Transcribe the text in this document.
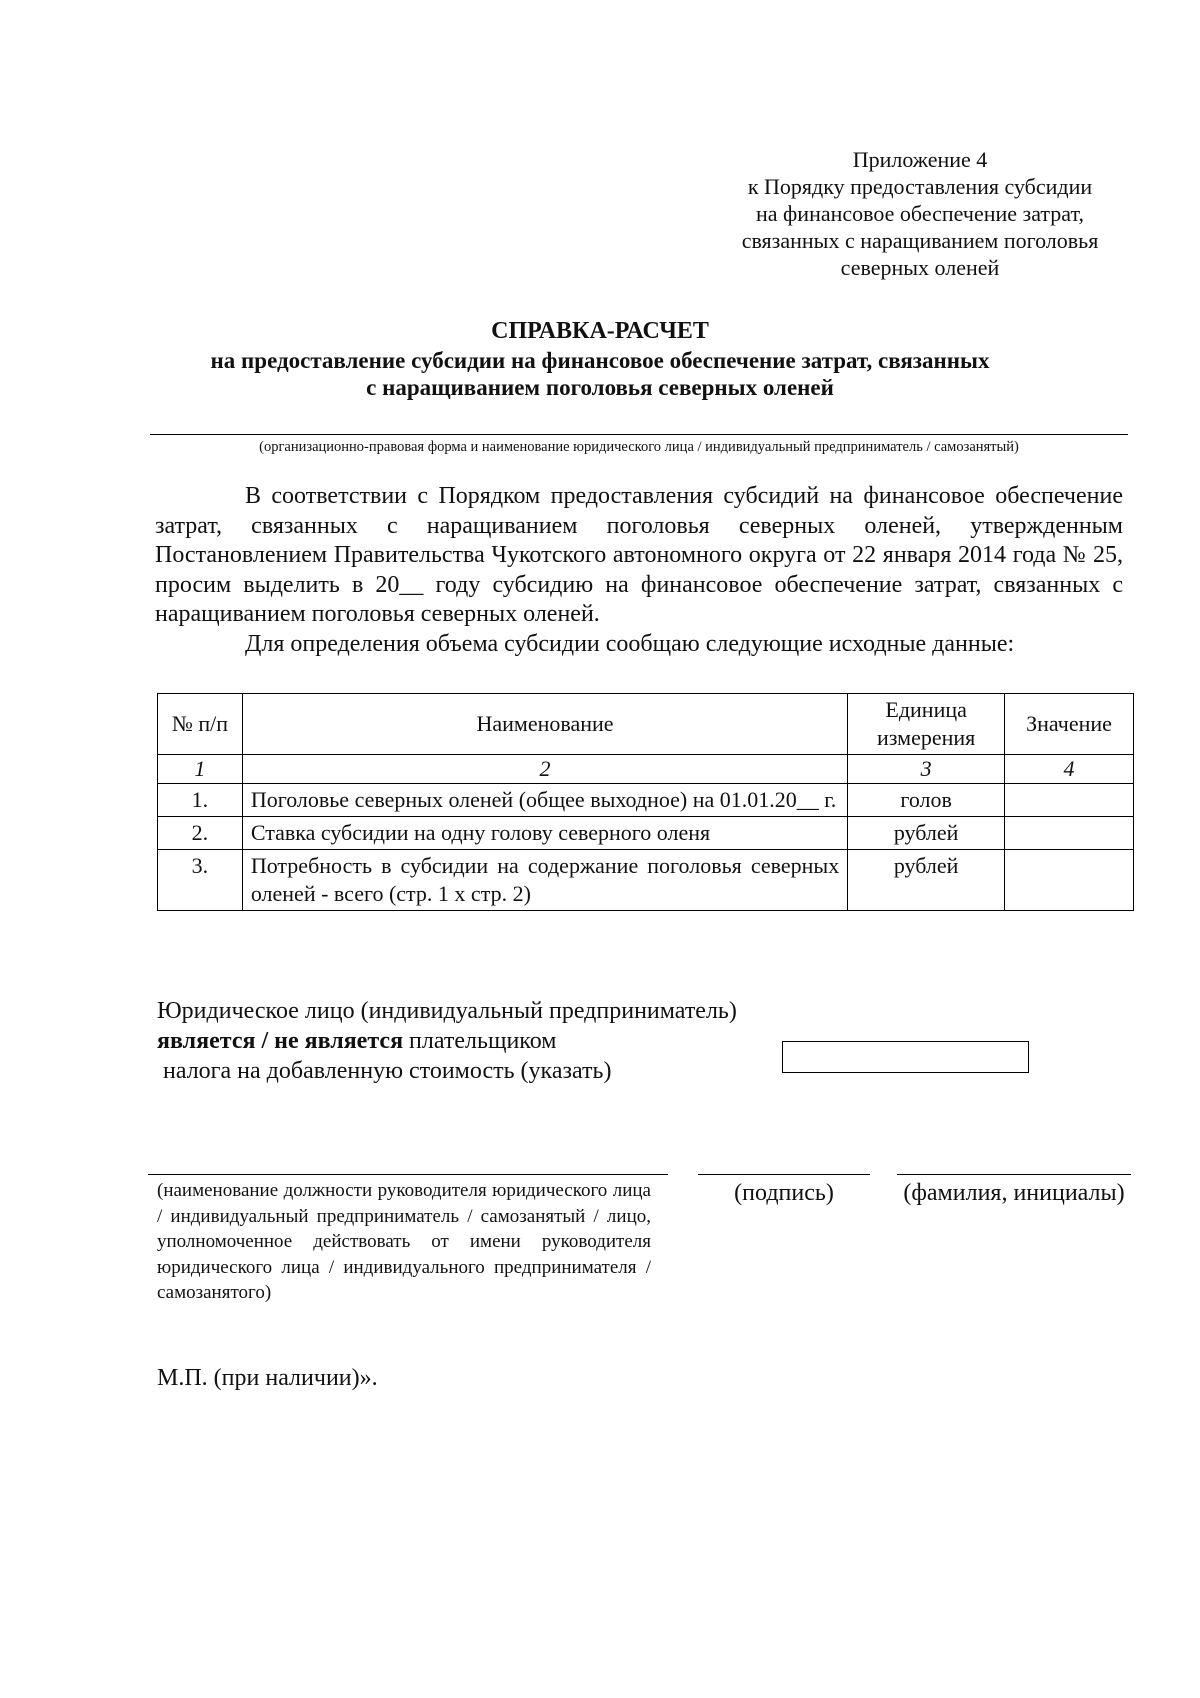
Приложение 4
к Порядку предоставления субсидии
на финансовое обеспечение затрат,
связанных с наращиванием поголовья
северных оленей
СПРАВКА-РАСЧЕТ
на предоставление субсидии на финансовое обеспечение затрат, связанных
с наращиванием поголовья северных оленей
(организационно-правовая форма и наименование юридического лица / индивидуальный предприниматель / самозанятый)

В соответствии с Порядком предоставления субсидий на финансовое обеспечение затрат, связанных с наращиванием поголовья северных оленей, утвержденным Постановлением Правительства Чукотского автономного округа от 22 января 2014 года № 25, просим выделить в 20__ году субсидию на финансовое обеспечение затрат, связанных с наращиванием поголовья северных оленей.

Для определения объема субсидии сообщаю следующие исходные данные:

№ п/п	Наименование	Единица измерения	Значение
1	2	3	4
1.	Поголовье северных оленей (общее выходное) на 01.01.20__ г.	голов	
2.	Ставка субсидии на одну голову северного оленя	рублей	
3.	Потребность в субсидии на содержание поголовья северных оленей - всего (стр. 1 х стр. 2)	рублей	
Юридическое лицо (индивидуальный предприниматель)
является / не является плательщиком
налога на добавленную стоимость (указать)
(наименование должности руководителя юридического лица / индивидуальный предприниматель / самозанятый / лицо, уполномоченное действовать от имени руководителя юридического лица / индивидуального предпринимателя / самозанятого)
(подпись)	(фамилия, инициалы)
М.П. (при наличии)».
